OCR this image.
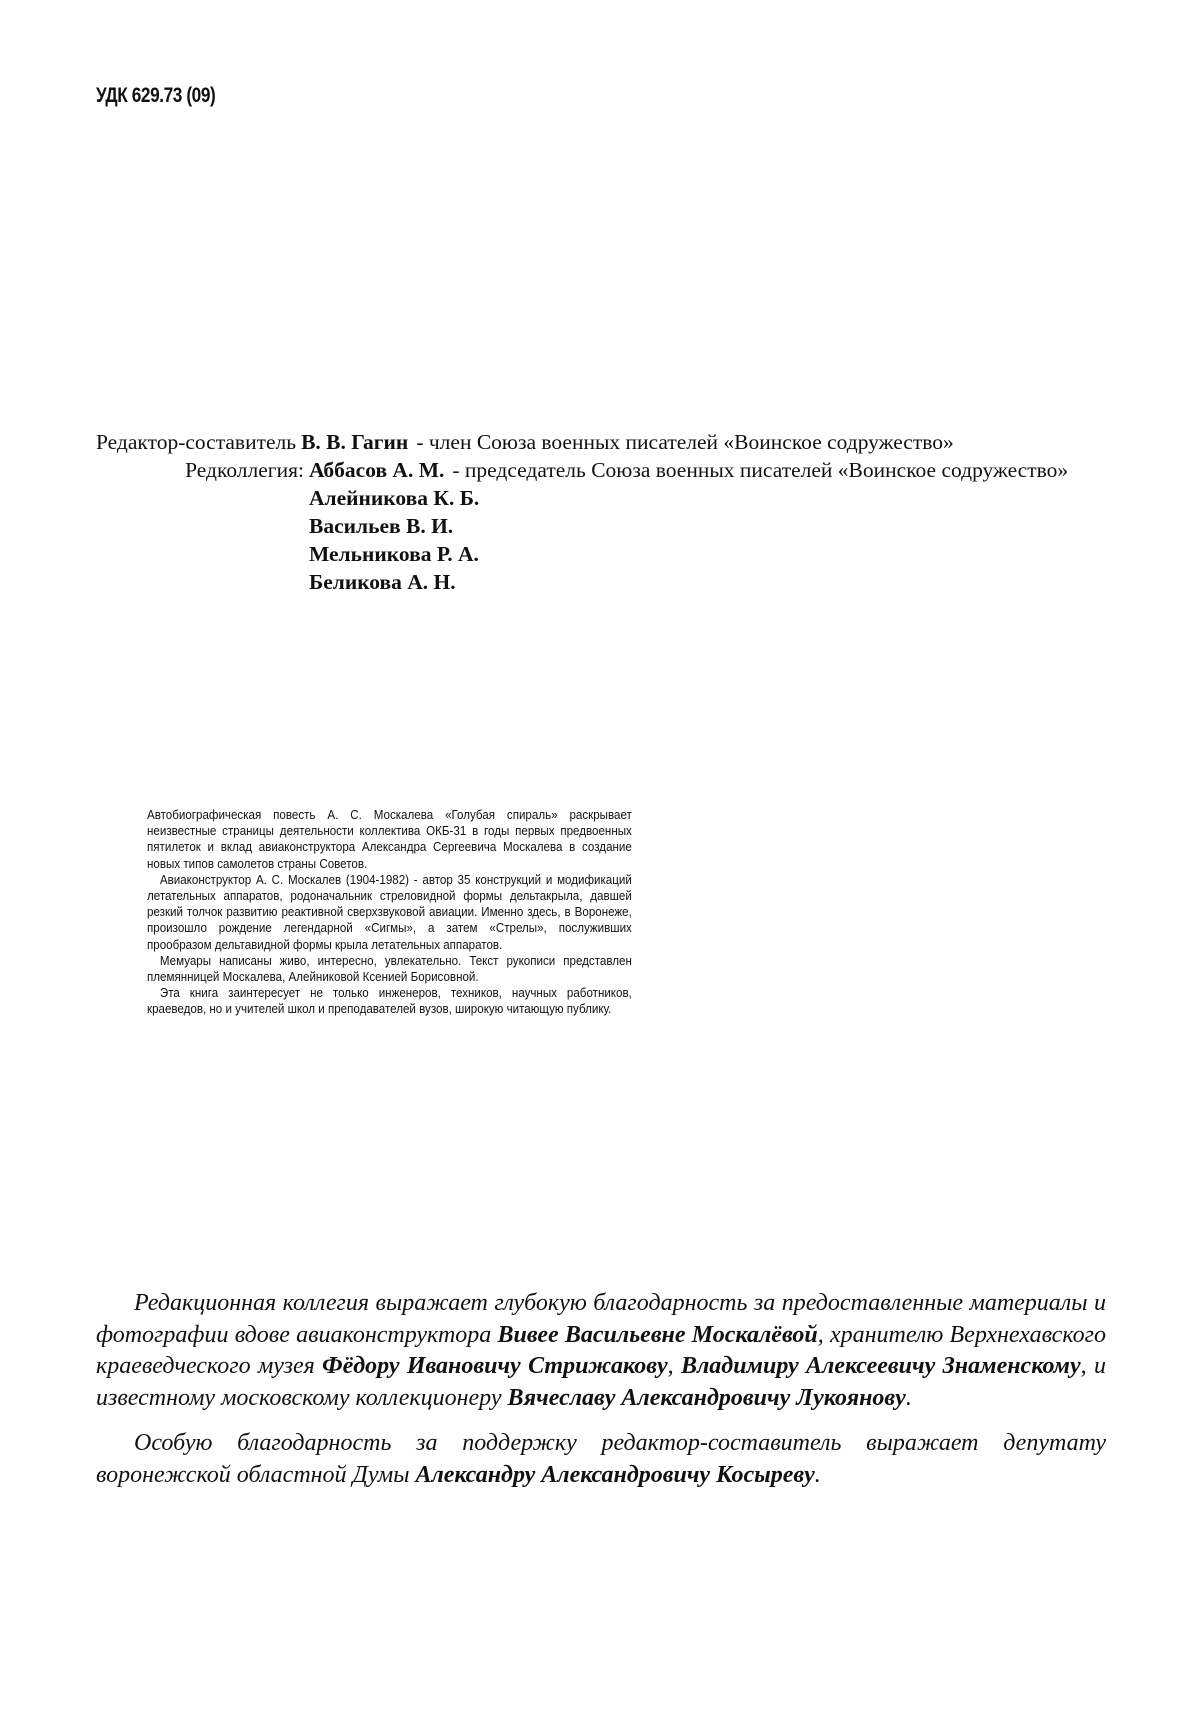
УДК 629.73 (09)
Редактор-составитель В. В. Гагин - член Союза военных писателей «Воинское содружество»
Редколлегия: Аббасов А. М. - председатель Союза военных писателей «Воинское содружество»
Алейникова К. Б.
Васильев В. И.
Мельникова Р. А.
Беликова А. Н.

Автобиографическая повесть А. С. Москалева «Голубая спираль» раскрывает неизвестные страницы деятельности коллектива ОКБ-31 в годы первых предвоенных пятилеток и вклад авиаконструктора Александра Сергеевича Москалева в создание новых типов самолетов страны Советов.

Авиаконструктор А. С. Москалев (1904-1982) - автор 35 конструкций и модификаций летательных аппаратов, родоначальник стреловидной формы дельтакрыла, давшей резкий толчок развитию реактивной сверхзвуковой авиации. Именно здесь, в Воронеже, произошло рождение легендарной «Сигмы», а затем «Стрелы», послуживших прообразом дельтавидной формы крыла летательных аппаратов.

Мемуары написаны живо, интересно, увлекательно. Текст рукописи представлен племянницей Москалева, Алейниковой Ксенией Борисовной.

Эта книга заинтересует не только инженеров, техников, научных работников, краеведов, но и учителей школ и преподавателей вузов, широкую читающую публику.

Редакционная коллегия выражает глубокую благодарность за предоставленные материалы и фотографии вдове авиаконструктора Вивее Васильевне Москалёвой, хранителю Верхнехавского краеведческого музея Фёдору Ивановичу Стрижакову, Владимиру Алексеевичу Знаменскому, и известному московскому коллекционеру Вячеславу Александровичу Лукоянову.

Особую благодарность за поддержку редактор-составитель выражает депутату воронежской областной Думы Александру Александровичу Косыреву.
